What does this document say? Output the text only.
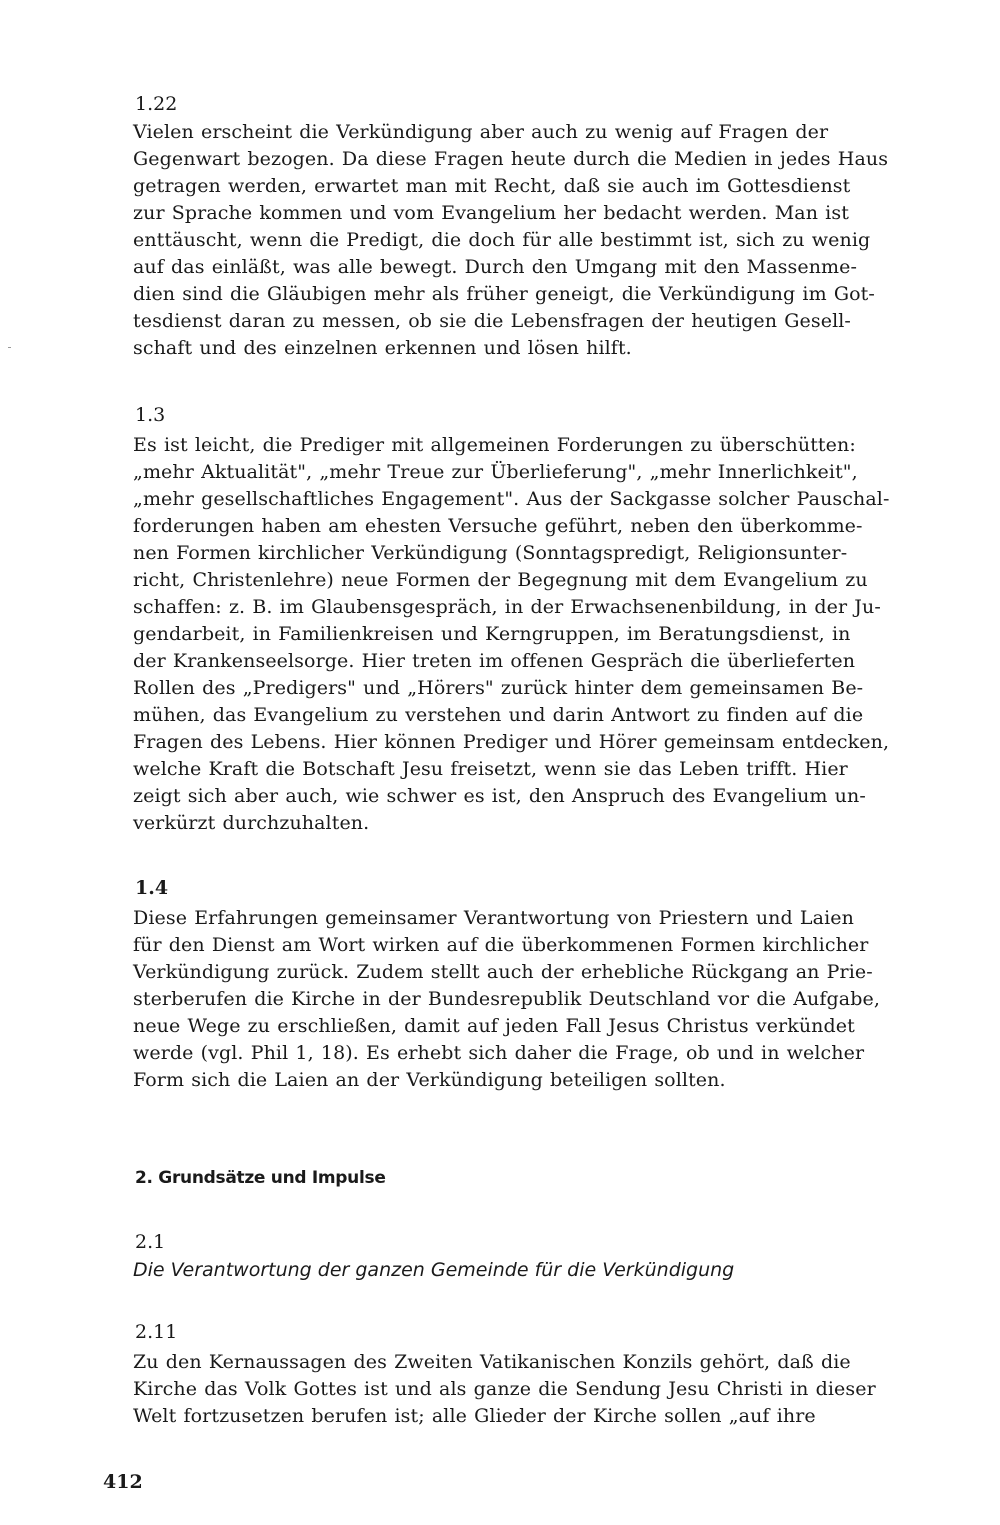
1.22

Vielen erscheint die Verkündigung aber auch zu wenig auf Fragen der

Gegenwart bezogen. Da diese Fragen heute durch die Medien in jedes Haus

getragen werden, erwartet man mit Recht, daß sie auch im Gottesdienst

zur Sprache kommen und vom Evangelium her bedacht werden. Man ist

enttäuscht, wenn die Predigt, die doch für alle bestimmt ist, sich zu wenig

auf das einläßt, was alle bewegt. Durch den Umgang mit den Massenme-

dien sind die Gläubigen mehr als früher geneigt, die Verkündigung im Got-

tesdienst daran zu messen, ob sie die Lebensfragen der heutigen Gesell-

schaft und des einzelnen erkennen und lösen hilft.

1.3

Es ist leicht, die Prediger mit allgemeinen Forderungen zu überschütten:

„mehr Aktualität", „mehr Treue zur Überlieferung", „mehr Innerlichkeit",

„mehr gesellschaftliches Engagement". Aus der Sackgasse solcher Pauschal-

forderungen haben am ehesten Versuche geführt, neben den überkomme-

nen Formen kirchlicher Verkündigung (Sonntagspredigt, Religionsunter-

richt, Christenlehre) neue Formen der Begegnung mit dem Evangelium zu

schaffen: z. B. im Glaubensgespräch, in der Erwachsenenbildung, in der Ju-

gendarbeit, in Familienkreisen und Kerngruppen, im Beratungsdienst, in

der Krankenseelsorge. Hier treten im offenen Gespräch die überlieferten

Rollen des „Predigers" und „Hörers" zurück hinter dem gemeinsamen Be-

mühen, das Evangelium zu verstehen und darin Antwort zu finden auf die

Fragen des Lebens. Hier können Prediger und Hörer gemeinsam entdecken,

welche Kraft die Botschaft Jesu freisetzt, wenn sie das Leben trifft. Hier

zeigt sich aber auch, wie schwer es ist, den Anspruch des Evangelium un-

verkürzt durchzuhalten.

1.4

Diese Erfahrungen gemeinsamer Verantwortung von Priestern und Laien

für den Dienst am Wort wirken auf die überkommenen Formen kirchlicher

Verkündigung zurück. Zudem stellt auch der erhebliche Rückgang an Prie-

sterberufen die Kirche in der Bundesrepublik Deutschland vor die Aufgabe,

neue Wege zu erschließen, damit auf jeden Fall Jesus Christus verkündet

werde (vgl. Phil 1, 18). Es erhebt sich daher die Frage, ob und in welcher

Form sich die Laien an der Verkündigung beteiligen sollten.

2. Grundsätze und Impulse
2.1
Die Verantwortung der ganzen Gemeinde für die Verkündigung
2.11

Zu den Kernaussagen des Zweiten Vatikanischen Konzils gehört, daß die

Kirche das Volk Gottes ist und als ganze die Sendung Jesu Christi in dieser

Welt fortzusetzen berufen ist; alle Glieder der Kirche sollen „auf ihre

412
